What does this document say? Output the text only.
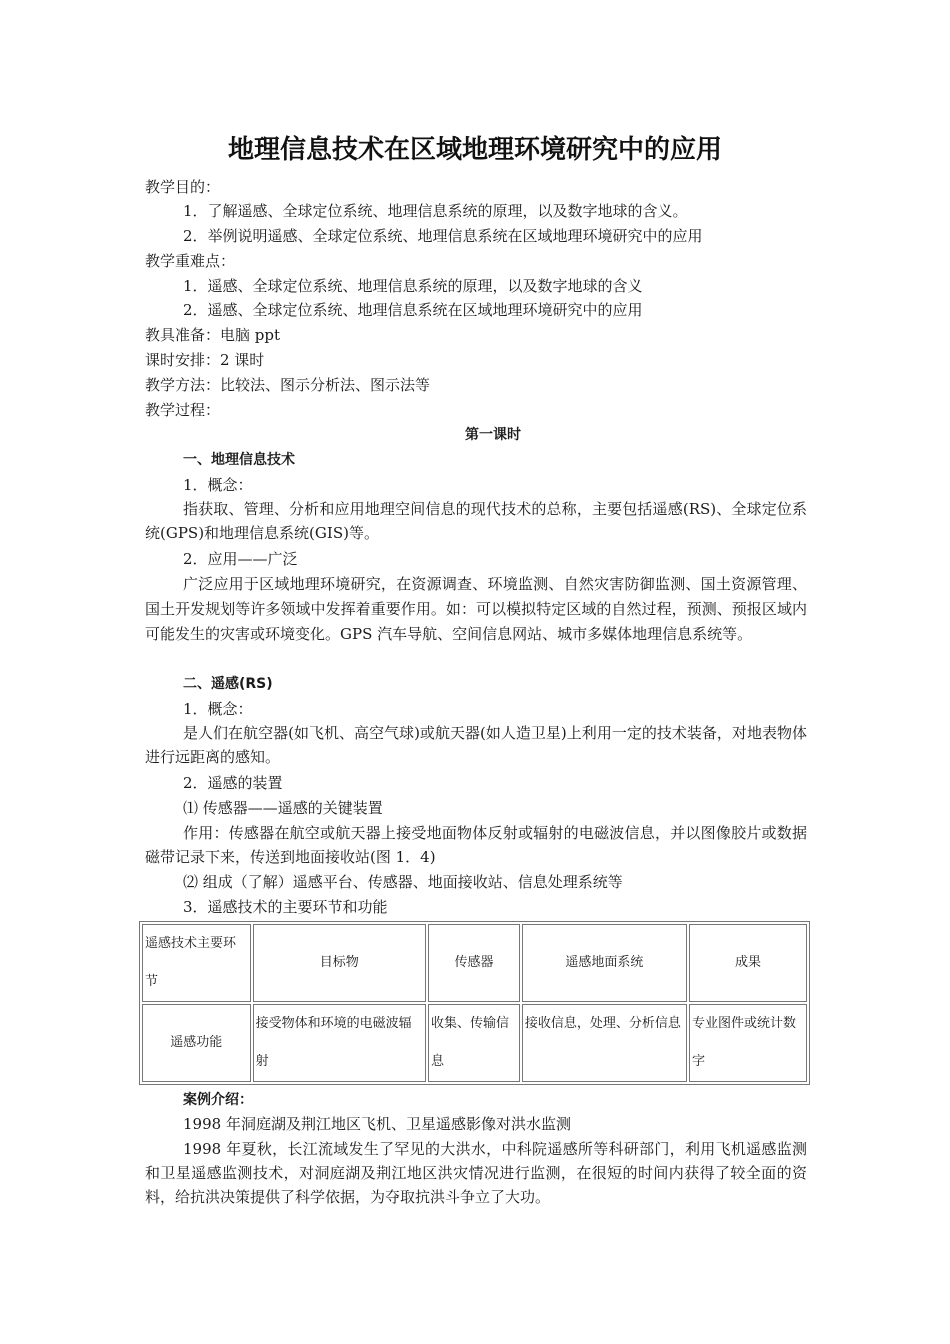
地理信息技术在区域地理环境研究中的应用
教学目的：
1．了解遥感、全球定位系统、地理信息系统的原理，以及数字地球的含义。
2．举例说明遥感、全球定位系统、地理信息系统在区域地理环境研究中的应用
教学重难点：
1．遥感、全球定位系统、地理信息系统的原理，以及数字地球的含义
2．遥感、全球定位系统、地理信息系统在区域地理环境研究中的应用
教具准备：电脑 ppt
课时安排：2 课时
教学方法：比较法、图示分析法、图示法等
教学过程：
第一课时
一、地理信息技术
1．概念：
指获取、管理、分析和应用地理空间信息的现代技术的总称，主要包括遥感(RS)、全球定位系统(GPS)和地理信息系统(GIS)等。
2．应用——广泛
广泛应用于区域地理环境研究，在资源调查、环境监测、自然灾害防御监测、国土资源管理、国土开发规划等许多领域中发挥着重要作用。如：可以模拟特定区域的自然过程，预测、预报区域内可能发生的灾害或环境变化。GPS 汽车导航、空间信息网站、城市多媒体地理信息系统等。
二、遥感(RS)
1．概念：
是人们在航空器(如飞机、高空气球)或航天器(如人造卫星)上利用一定的技术装备，对地表物体进行远距离的感知。
2．遥感的装置
⑴ 传感器——遥感的关键装置
作用：传感器在航空或航天器上接受地面物体反射或辐射的电磁波信息，并以图像胶片或数据磁带记录下来，传送到地面接收站(图 1．4)
⑵ 组成（了解）遥感平台、传感器、地面接收站、信息处理系统等
3．遥感技术的主要环节和功能
遥感技术主要环节	目标物	传感器	遥感地面系统	成果
遥感功能	接受物体和环境的电磁波辐射	收集、传输信息	接收信息，处理、分析信息	专业图件或统计数字
案例介绍：
1998 年洞庭湖及荆江地区飞机、卫星遥感影像对洪水监测
1998 年夏秋，长江流域发生了罕见的大洪水，中科院遥感所等科研部门，利用飞机遥感监测和卫星遥感监测技术，对洞庭湖及荆江地区洪灾情况进行监测，在很短的时间内获得了较全面的资料，给抗洪决策提供了科学依据，为夺取抗洪斗争立了大功。
